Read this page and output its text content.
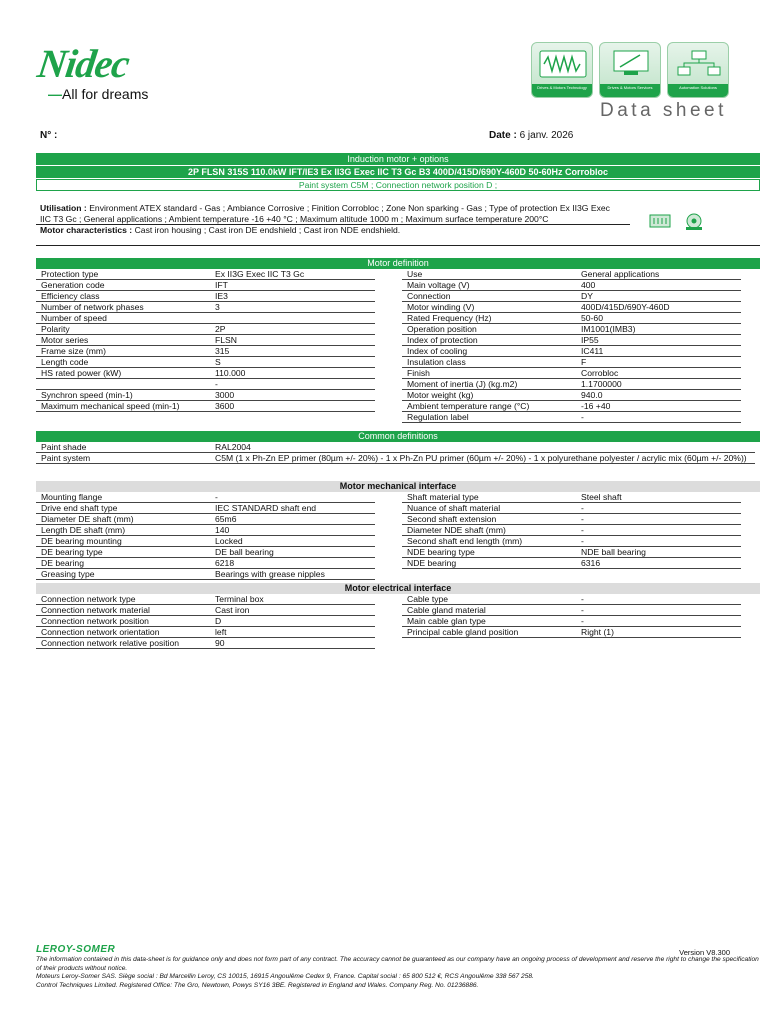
Nidec
—All for dreams	Drives & Motors Technology	Drives & Motors Services	Automation Solutions
Data sheet
N° :	Date : 6 janv. 2026
Induction motor + options
2P FLSN 315S 110.0kW IFT/IE3 Ex II3G Exec IIC T3 Gc B3 400D/415D/690Y-460D 50-60Hz Corrobloc
Paint system C5M ; Connection network position D ;
Utilisation : Environment ATEX standard - Gas ; Ambiance Corrosive ; Finition Corrobloc ; Zone Non sparking - Gas ; Type of protection Ex II3G Exec IIC T3 Gc ; General applications ; Ambient temperature -16 +40 °C ; Maximum altitude 1000 m ; Maximum surface temperature 200°C
Motor characteristics : Cast iron housing ; Cast iron DE endshield ; Cast iron NDE endshield.
Motor definition
Protection type	Ex II3G Exec IIC T3 Gc
Generation code	IFT
Efficiency class	IE3
Number of network phases	3
Number of speed	
Polarity	2P
Motor series	FLSN
Frame size (mm)	315
Length code	S
HS rated power (kW)	110.000
	-
Synchron speed (min-1)	3000
Maximum mechanical speed (min-1)	3600
Use	General applications
Main voltage (V)	400
Connection	DY
Motor winding (V)	400D/415D/690Y-460D
Rated Frequency (Hz)	50-60
Operation position	IM1001(IMB3)
Index of protection	IP55
Index of cooling	IC411
Insulation class	F
Finish	Corrobloc
Moment of inertia (J) (kg.m2)	1.1700000
Motor weight (kg)	940.0
Ambient temperature range (°C)	-16 +40
Regulation label	-
Common definitions
Paint shade	RAL2004
Paint system	C5M (1 x Ph-Zn EP primer (80µm +/- 20%) - 1 x Ph-Zn PU primer (60µm +/- 20%) - 1 x polyurethane polyester / acrylic mix (60µm +/- 20%))
Motor mechanical interface
Mounting flange	-
Drive end shaft type	IEC STANDARD shaft end
Diameter DE shaft (mm)	65m6
Length DE shaft (mm)	140
DE bearing mounting	Locked
DE bearing type	DE ball bearing
DE bearing	6218
Greasing type	Bearings with grease nipples
Shaft material type	Steel shaft
Nuance of shaft material	-
Second shaft extension	-
Diameter NDE shaft (mm)	-
Second shaft end length (mm)	-
NDE bearing type	NDE ball bearing
NDE bearing	6316
Motor electrical interface
Connection network type	Terminal box
Connection network material	Cast iron
Connection network position	D
Connection network orientation	left
Connection network relative position	90
Cable type	-
Cable gland material	-
Main cable glan type	-
Principal cable gland position	Right (1)
LEROY-SOMER	Version V8.300
The information contained in this data-sheet is for guidance only and does not form part of any contract. The accuracy cannot be guaranteed as our company have an ongoing process of development and reserve the right to change the specification of their products without notice.
Moteurs Leroy-Somer SAS. Siège social : Bd Marcellin Leroy, CS 10015, 16915 Angoulême Cedex 9, France. Capital social : 65 800 512 €, RCS Angoulême 338 567 258.
Control Techniques Limited. Registered Office: The Gro, Newtown, Powys SY16 3BE. Registered in England and Wales. Company Reg. No. 01236886.
